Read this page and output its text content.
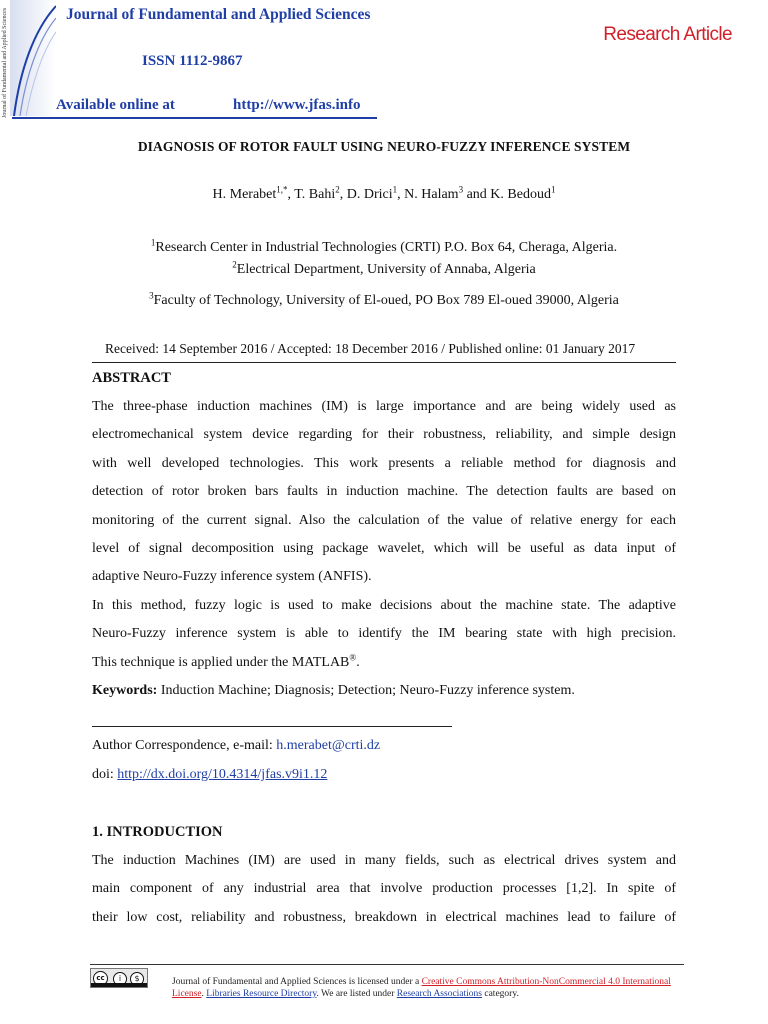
Journal of Fundamental and Applied Sciences	Journal of Fundamental and Applied Sciences
ISSN 1112-9867
Available online at	http://www.jfas.info
Research Article
DIAGNOSIS OF ROTOR FAULT USING NEURO-FUZZY INFERENCE SYSTEM
H. Merabet$^{1,*}$, T. Bahi$^2$, D. Drici$^1$, N. Halam$^3$ and K. Bedoud$^1$
$^1$Research Center in Industrial Technologies (CRTI) P.O. Box 64, Cheraga, Algeria.
$^2$Electrical Department, University of Annaba, Algeria
$^3$Faculty of Technology, University of El-oued, PO Box 789 El-oued 39000, Algeria
Received: 14 September 2016 / Accepted: 18 December 2016 / Published online: 01 January 2017
ABSTRACT
The three-phase induction machines (IM) is large importance and are being widely used as
electromechanical system device regarding for their robustness, reliability, and simple design
with well developed technologies. This work presents a reliable method for diagnosis and
detection of rotor broken bars faults in induction machine. The detection faults are based on
monitoring of the current signal. Also the calculation of the value of relative energy for each
level of signal decomposition using package wavelet, which will be useful as data input of
adaptive Neuro-Fuzzy inference system (ANFIS).
In this method, fuzzy logic is used to make decisions about the machine state. The adaptive
Neuro-Fuzzy inference system is able to identify the IM bearing state with high precision.
This technique is applied under the MATLAB®.
Keywords: Induction Machine; Diagnosis; Detection; Neuro-Fuzzy inference system.
Author Correspondence, e-mail: h.merabet@crti.dz
doi: http://dx.doi.org/10.4314/jfas.v9i1.12
1. INTRODUCTION
The induction Machines (IM) are used in many fields, such as electrical drives system and
main component of any industrial area that involve production processes [1,2]. In spite of
their low cost, reliability and robustness, breakdown in electrical machines lead to failure of
cc	i	$	Journal of Fundamental and Applied Sciences is licensed under a Creative Commons Attribution-NonCommercial 4.0 International License. Libraries Resource Directory. We are listed under Research Associations category.
